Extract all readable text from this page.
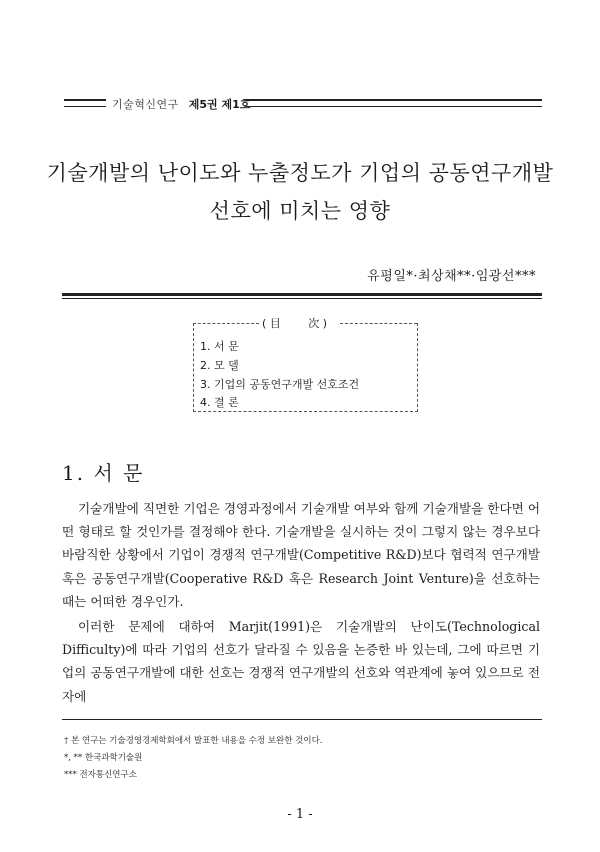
기술혁신연구 제5권 제1호
기술개발의 난이도와 누출정도가 기업의 공동연구개발
선호에 미치는 영향
유평일*·최상채**·임광선***
( 目	次 )
1. 서 문
2. 모 델
3. 기업의 공동연구개발 선호조건
4. 결 론
1. 서 문

기술개발에 직면한 기업은 경영과정에서 기술개발 여부와 함께 기술개발을 한다면 어떤 형태로 할 것인가를 결정해야 한다. 기술개발을 실시하는 것이 그렇지 않는 경우보다 바람직한 상황에서 기업이 경쟁적 연구개발(Competitive R&D)보다 협력적 연구개발 혹은 공동연구개발(Cooperative R&D 혹은 Research Joint Venture)을 선호하는 때는 어떠한 경우인가.

이러한 문제에 대하여 Marjit(1991)은 기술개발의 난이도(Technological Difficulty)에 따라 기업의 선호가 달라질 수 있음을 논증한 바 있는데, 그에 따르면 기업의 공동연구개발에 대한 선호는 경쟁적 연구개발의 선호와 역관계에 놓여 있으므로 전자에

† 본 연구는 기술경영경제학회에서 발표한 내용을 수정 보완한 것이다.
*, ** 한국과학기술원
*** 전자통신연구소
- 1 -
